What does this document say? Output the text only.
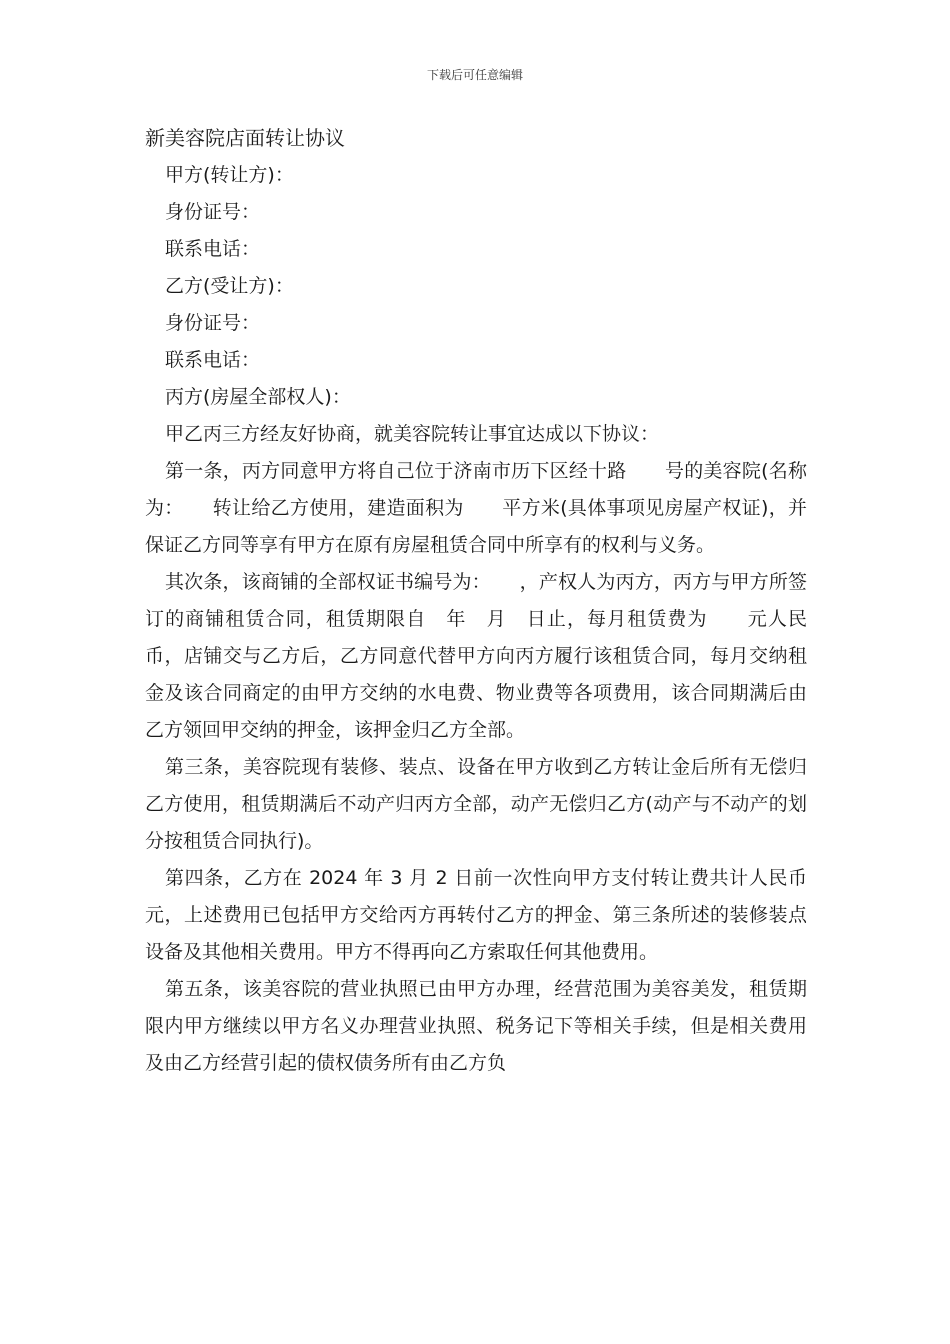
下载后可任意编辑
新美容院店面转让协议

甲方(转让方)：

身份证号：

联系电话：

乙方(受让方)：

身份证号：

联系电话：

丙方(房屋全部权人)：

甲乙丙三方经友好协商，就美容院转让事宜达成以下协议：

第一条，丙方同意甲方将自己位于济南市历下区经十路　　号的美容院(名称为：　　转让给乙方使用，建造面积为　　平方米(具体事项见房屋产权证)，并保证乙方同等享有甲方在原有房屋租赁合同中所享有的权利与义务。

其次条，该商铺的全部权证书编号为：　　，产权人为丙方，丙方与甲方所签订的商铺租赁合同，租赁期限自　年　月　日止，每月租赁费为　　元人民币，店铺交与乙方后，乙方同意代替甲方向丙方履行该租赁合同，每月交纳租金及该合同商定的由甲方交纳的水电费、物业费等各项费用，该合同期满后由乙方领回甲交纳的押金，该押金归乙方全部。

第三条，美容院现有装修、装点、设备在甲方收到乙方转让金后所有无偿归乙方使用，租赁期满后不动产归丙方全部，动产无偿归乙方(动产与不动产的划分按租赁合同执行)。

第四条，乙方在 2024 年 3 月 2 日前一次性向甲方支付转让费共计人民币　　元，上述费用已包括甲方交给丙方再转付乙方的押金、第三条所述的装修装点设备及其他相关费用。甲方不得再向乙方索取任何其他费用。

第五条，该美容院的营业执照已由甲方办理，经营范围为美容美发，租赁期限内甲方继续以甲方名义办理营业执照、税务记下等相关手续，但是相关费用及由乙方经营引起的债权债务所有由乙方负
